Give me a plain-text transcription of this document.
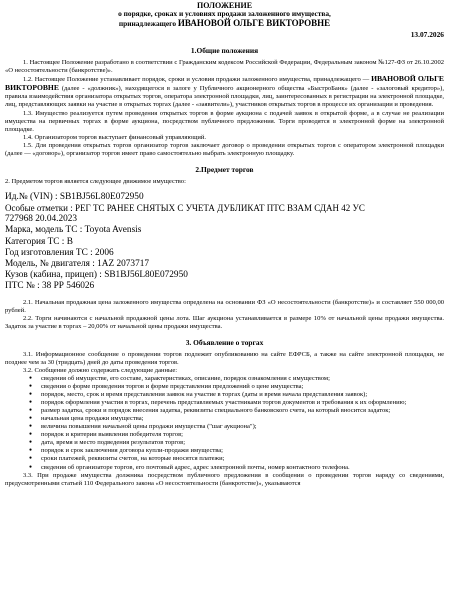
ПОЛОЖЕНИЕ
о порядке, сроках и условиях продажи заложенного имущества,
принадлежащего ИВАНОВОЙ ОЛЬГЕ ВИКТОРОВНЕ
13.07.2026
1.Общие положения

1. Настоящее Положение разработано в соответствии с Гражданским кодексом Российской Федерации, Федеральным законом №127-ФЗ от 26.10.2002 «О несостоятельности (банкротстве)».

1.2. Настоящее Положение устанавливает порядок, сроки и условия продажи заложенного имущества, принадлежащего — ИВАНОВОЙ ОЛЬГЕ ВИКТОРОВНЕ (далее - «должник»), находящегося в залоге у Публичного акционерного общества «БыстроБанк» (далее - «залоговый кредитор»), правила взаимодействия организатора открытых торгов, оператора электронной площадки, лиц, заинтересованных в регистрации на электронной площадке, лиц, представляющих заявки на участие в открытых торгах (далее - «заявители»), участников открытых торгов в процессе их организации и проведения.

1.3. Имущество реализуется путем проведения открытых торгов в форме аукциона с подачей заявок в открытой форме, а в случае не реализации имущества на первичных торгах в форме аукциона, посредством публичного предложения. Торги проводятся в электронной форме на электронной площадке.

1.4. Организатором торгов выступает финансовый управляющий.

1.5. Для проведения открытых торгов организатор торгов заключает договор о проведении открытых торгов с оператором электронной площадки (далее — «договор»), организатор торгов имеет право самостоятельно выбрать электронную площадку.

2.Предмет торгов

2. Предметом торгов является следующее движимое имущество:

Ид.№ (VIN) : SB1BJ56L80E072950

Особые отметки : РЕГ ТС РАНЕЕ СНЯТЫХ С УЧЕТА ДУБЛИКАТ ПТС ВЗАМ СДАН 42 УС

727968 20.04.2023

Марка, модель ТС : Toyota Avensis

Категория ТС : В

Год изготовления ТС : 2006

Модель, № двигателя : 1AZ 2073717

Кузов (кабина, прицеп) : SB1BJ56L80E072950

ПТС № : 38 РР 546026

2.1. Начальная продажная цена заложенного имущества определена на основании ФЗ «О несостоятельности (банкротстве)» и составляет 550 000,00 рублей.

2.2. Торги начинаются с начальной продажной цены лота. Шаг аукциона устанавливается в размере 10% от начальной цены продажи имущества. Задаток за участие в торгах – 20,00% от начальной цены продажи имущества.

3. Объявление о торгах

3.1. Информационное сообщение о проведении торгов подлежит опубликованию на сайте ЕФРСБ, а также на сайте электронной площадки, не позднее чем за 30 (тридцать) дней до даты проведения торгов.

3.2. Сообщение должно содержать следующие данные:

● сведения об имуществе, его составе, характеристиках, описание, порядок ознакомления с имуществом;
● сведения о форме проведения торгов и форме представления предложений о цене имущества;
● порядок, место, срок и время представления заявок на участие в торгах (даты и время начала представления заявок);
● порядок оформления участия в торгах, перечень представляемых участниками торгов документов и требования к их оформлению;
● размер задатка, сроки и порядок внесения задатка, реквизиты специального банковского счета, на который вносится задаток;
● начальная цена продажи имущества;
● величина повышения начальной цены продажи имущества ("шаг аукциона");
● порядок и критерии выявления победителя торгов;
● дата, время и место подведения результатов торгов;
● порядок и срок заключения договора купли-продажи имущества;
● сроки платежей, реквизиты счетов, на которые вносятся платежи;
● сведения об организаторе торгов, его почтовый адрес, адрес электронной почты, номер контактного телефона.

3.3. При продаже имущества должника посредством публичного предложения в сообщении о проведении торгов наряду со сведениями, предусмотренными статьей 110 Федерального закона «О несостоятельности (банкротстве)», указываются
